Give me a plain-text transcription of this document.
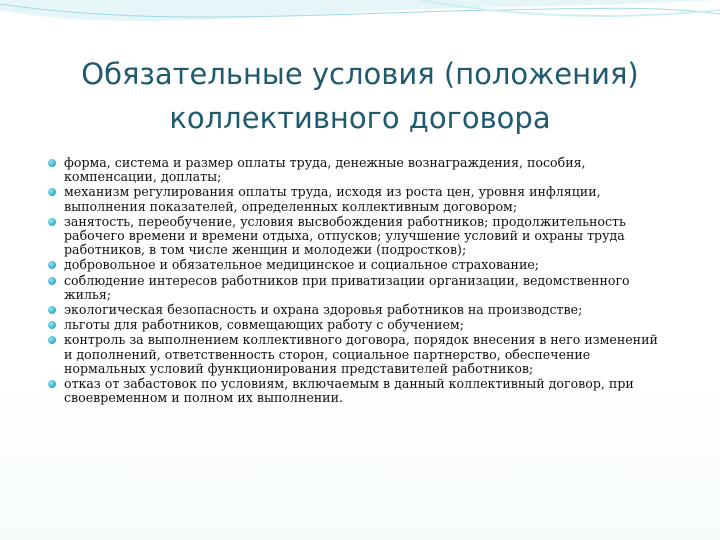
Обязательные условия (положения)
коллективного договора
форма, система и размер оплаты труда, денежные вознаграждения, пособия, компенсации, доплаты;
механизм регулирования оплаты труда, исходя из роста цен, уровня инфляции, выполнения показателей, определенных коллективным договором;
занятость, переобучение, условия высвобождения работников; продолжительность рабочего времени и времени отдыха, отпусков; улучшение условий и охраны труда работников, в том числе женщин и молодежи (подростков);
добровольное и обязательное медицинское и социальное страхование;
соблюдение интересов работников при приватизации организации, ведомственного жилья;
экологическая безопасность и охрана здоровья работников на производстве;
льготы для работников, совмещающих работу с обучением;
контроль за выполнением коллективного договора, порядок внесения в него изменений и дополнений, ответственность сторон, социальное партнерство, обеспечение нормальных условий функционирования представителей работников;
отказ от забастовок по условиям, включаемым в данный коллективный договор, при своевременном и полном их выполнении.
